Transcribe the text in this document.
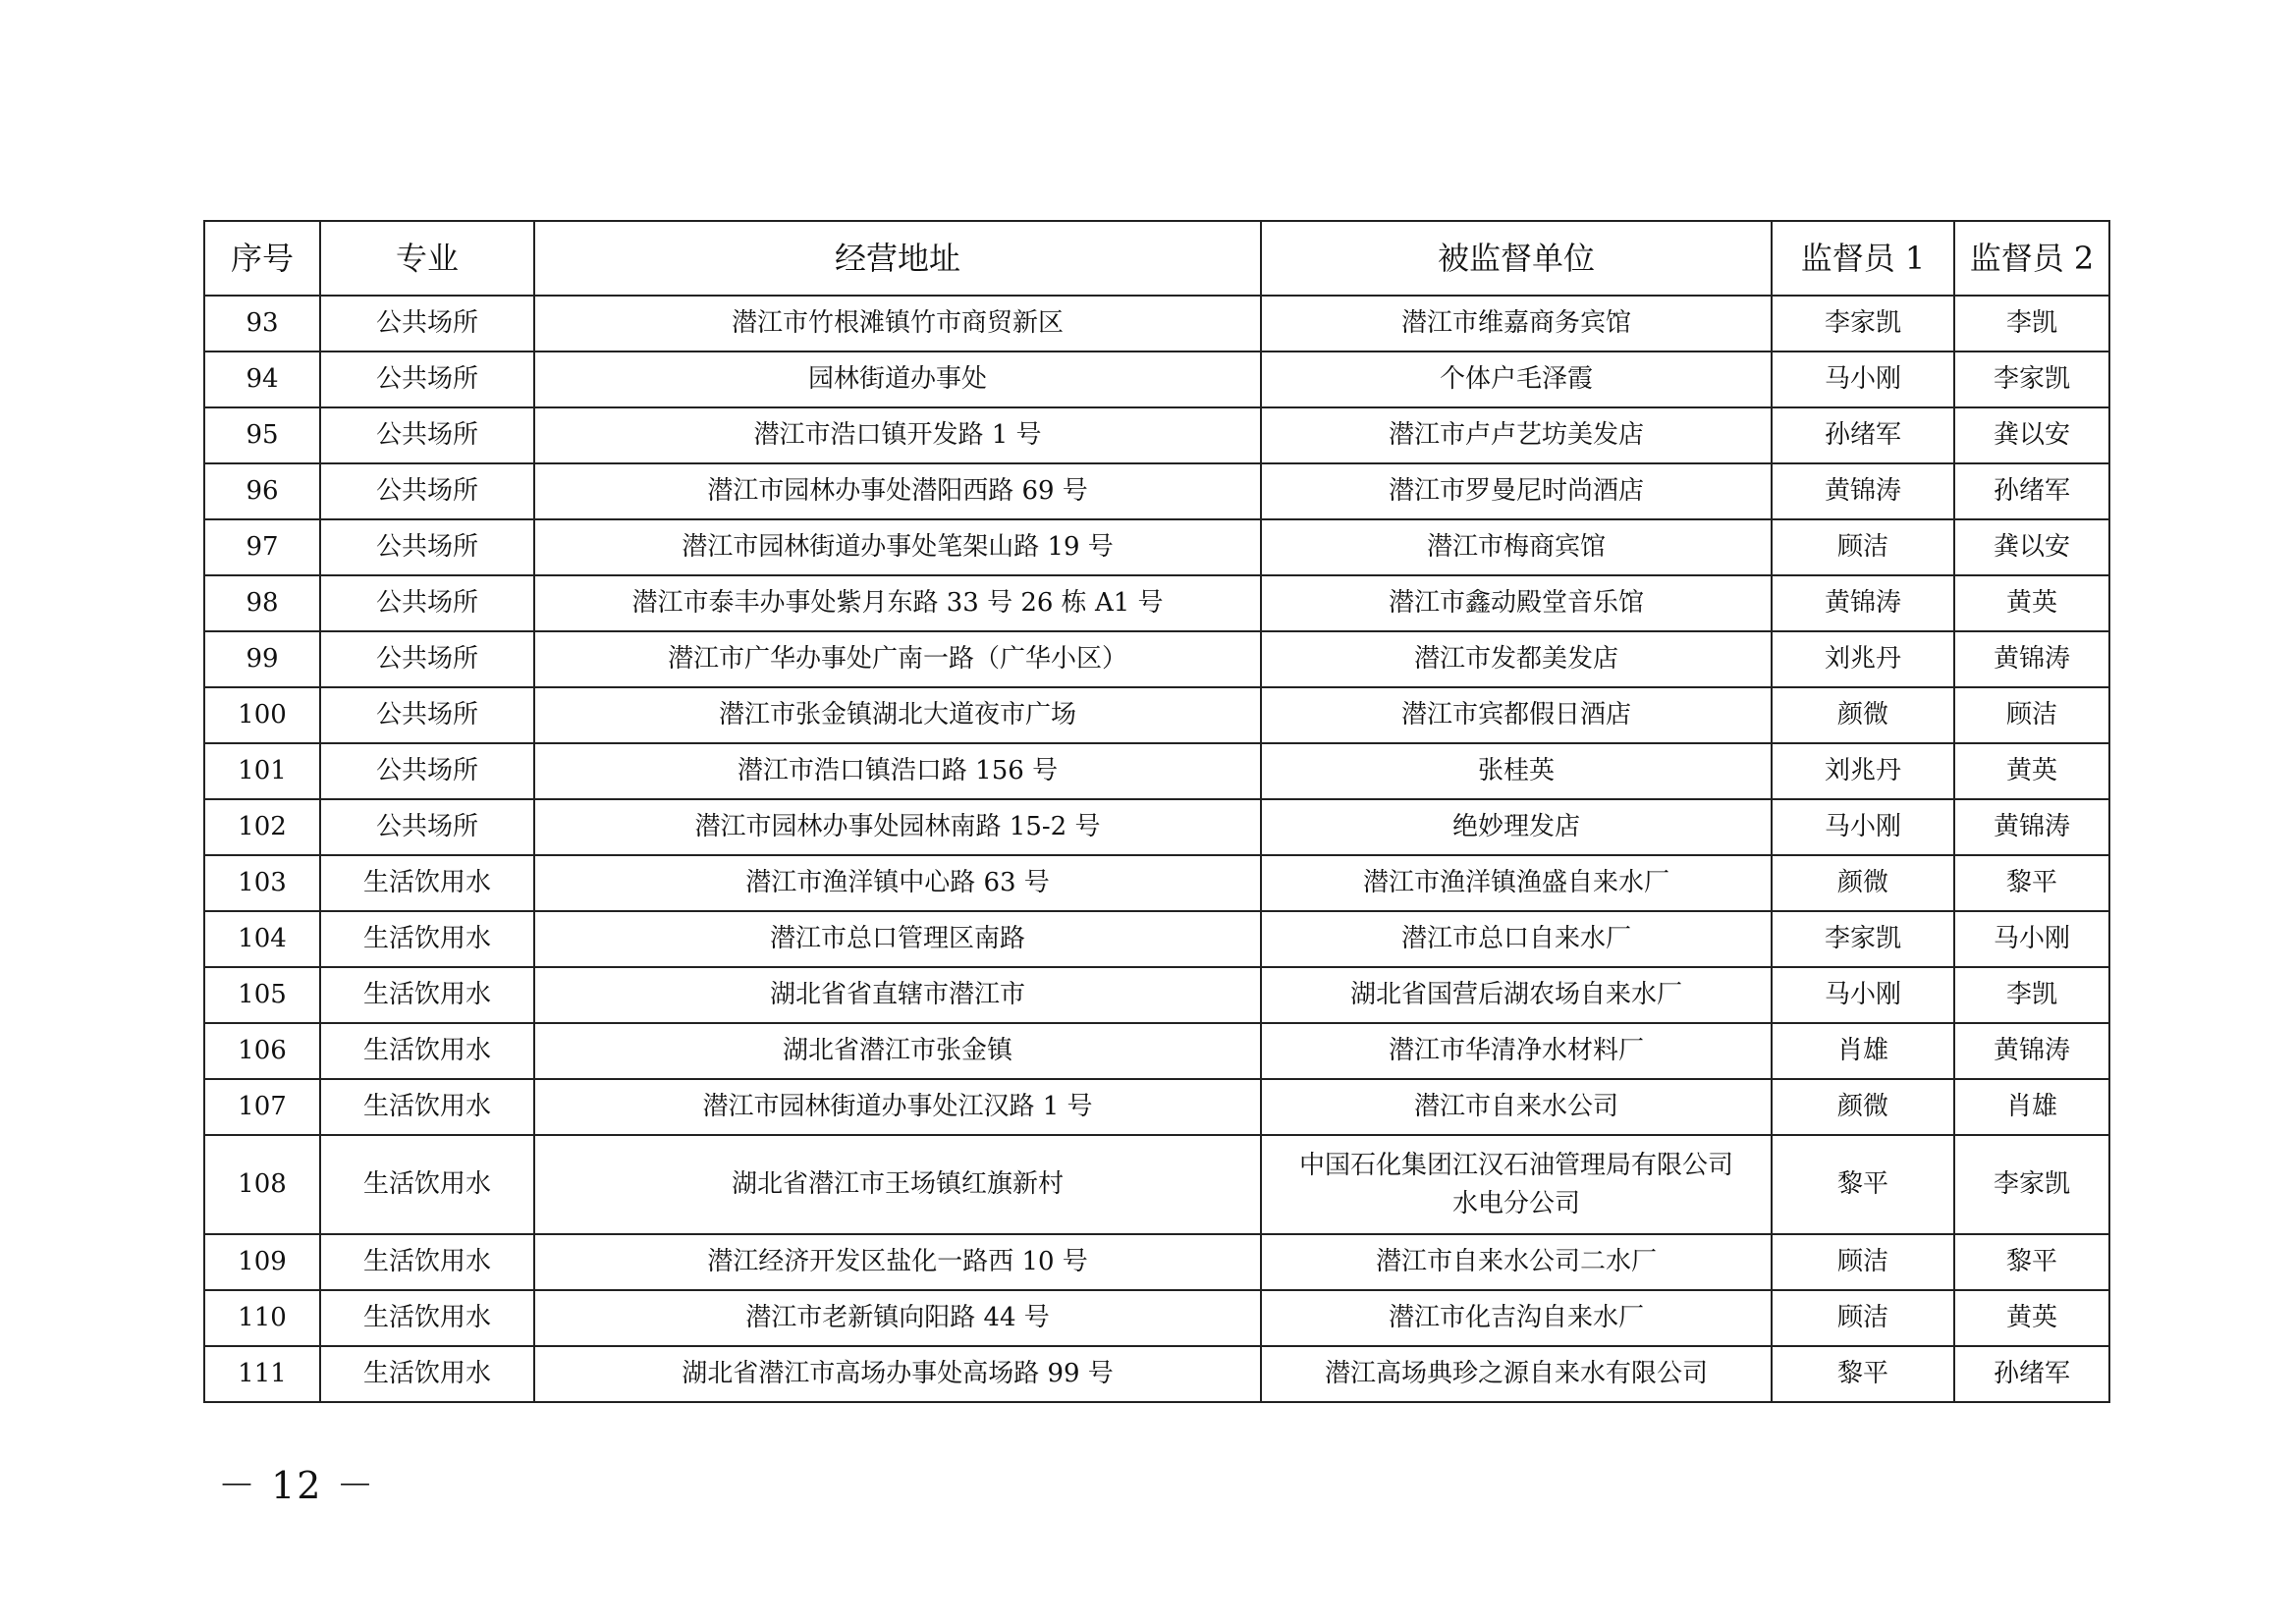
序号	专业	经营地址	被监督单位	监督员 1	监督员 2
93	公共场所	潜江市竹根滩镇竹市商贸新区	潜江市维嘉商务宾馆	李家凯	李凯
94	公共场所	园林街道办事处	个体户毛泽霞	马小刚	李家凯
95	公共场所	潜江市浩口镇开发路 1 号	潜江市卢卢艺坊美发店	孙绪军	龚以安
96	公共场所	潜江市园林办事处潜阳西路 69 号	潜江市罗曼尼时尚酒店	黄锦涛	孙绪军
97	公共场所	潜江市园林街道办事处笔架山路 19 号	潜江市梅商宾馆	顾洁	龚以安
98	公共场所	潜江市泰丰办事处紫月东路 33 号 26 栋 A1 号	潜江市鑫动殿堂音乐馆	黄锦涛	黄英
99	公共场所	潜江市广华办事处广南一路（广华小区）	潜江市发都美发店	刘兆丹	黄锦涛
100	公共场所	潜江市张金镇湖北大道夜市广场	潜江市宾都假日酒店	颜微	顾洁
101	公共场所	潜江市浩口镇浩口路 156 号	张桂英	刘兆丹	黄英
102	公共场所	潜江市园林办事处园林南路 15-2 号	绝妙理发店	马小刚	黄锦涛
103	生活饮用水	潜江市渔洋镇中心路 63 号	潜江市渔洋镇渔盛自来水厂	颜微	黎平
104	生活饮用水	潜江市总口管理区南路	潜江市总口自来水厂	李家凯	马小刚
105	生活饮用水	湖北省省直辖市潜江市	湖北省国营后湖农场自来水厂	马小刚	李凯
106	生活饮用水	湖北省潜江市张金镇	潜江市华清净水材料厂	肖雄	黄锦涛
107	生活饮用水	潜江市园林街道办事处江汉路 1 号	潜江市自来水公司	颜微	肖雄
108	生活饮用水	湖北省潜江市王场镇红旗新村	中国石化集团江汉石油管理局有限公司
水电分公司	黎平	李家凯
109	生活饮用水	潜江经济开发区盐化一路西 10 号	潜江市自来水公司二水厂	顾洁	黎平
110	生活饮用水	潜江市老新镇向阳路 44 号	潜江市化吉沟自来水厂	顾洁	黄英
111	生活饮用水	湖北省潜江市高场办事处高场路 99 号	潜江高场典珍之源自来水有限公司	黎平	孙绪军
－ 12 －
